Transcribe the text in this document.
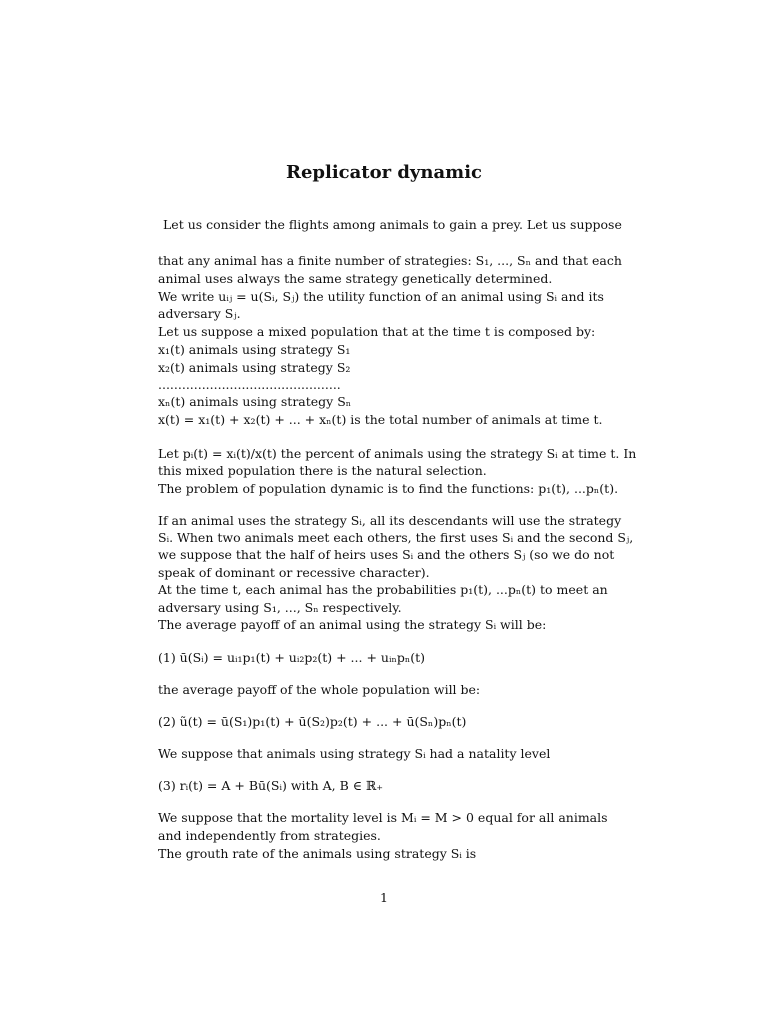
Replicator dynamic
Let us consider the flights among animals to gain a prey. Let us suppose
that any animal has a finite number of strategies: S₁, ..., Sₙ and that each
animal uses always the same strategy genetically determined.
We write uᵢⱼ = u(Sᵢ, Sⱼ) the utility function of an animal using Sᵢ and its
adversary Sⱼ.
Let us suppose a mixed population that at the time t is composed by:
x₁(t) animals using strategy S₁
x₂(t) animals using strategy S₂
..............................................
xₙ(t) animals using strategy Sₙ
x(t) = x₁(t) + x₂(t) + ... + xₙ(t) is the total number of animals at time t.
Let pᵢ(t) = xᵢ(t)/x(t) the percent of animals using the strategy Sᵢ at time t. In
this mixed population there is the natural selection.
The problem of population dynamic is to find the functions: p₁(t), ...pₙ(t).
If an animal uses the strategy Sᵢ, all its descendants will use the strategy
Sᵢ. When two animals meet each others, the first uses Sᵢ and the second Sⱼ,
we suppose that the half of heirs uses Sᵢ and the others Sⱼ (so we do not
speak of dominant or recessive character).
At the time t, each animal has the probabilities p₁(t), ...pₙ(t) to meet an
adversary using S₁, ..., Sₙ respectively.
The average payoff of an animal using the strategy Sᵢ will be:
(1) ū(Sᵢ) = uᵢ₁p₁(t) + uᵢ₂p₂(t) + ... + uᵢₙpₙ(t)
the average payoff of the whole population will be:
(2) ũ(t) = ū(S₁)p₁(t) + ū(S₂)p₂(t) + ... + ū(Sₙ)pₙ(t)
We suppose that animals using strategy Sᵢ had a natality level
(3) rᵢ(t) = A + Bū(Sᵢ) with A, B ∈ ℝ₊
We suppose that the mortality level is Mᵢ = M > 0 equal for all animals
and independently from strategies.
The grouth rate of the animals using strategy Sᵢ is
1
